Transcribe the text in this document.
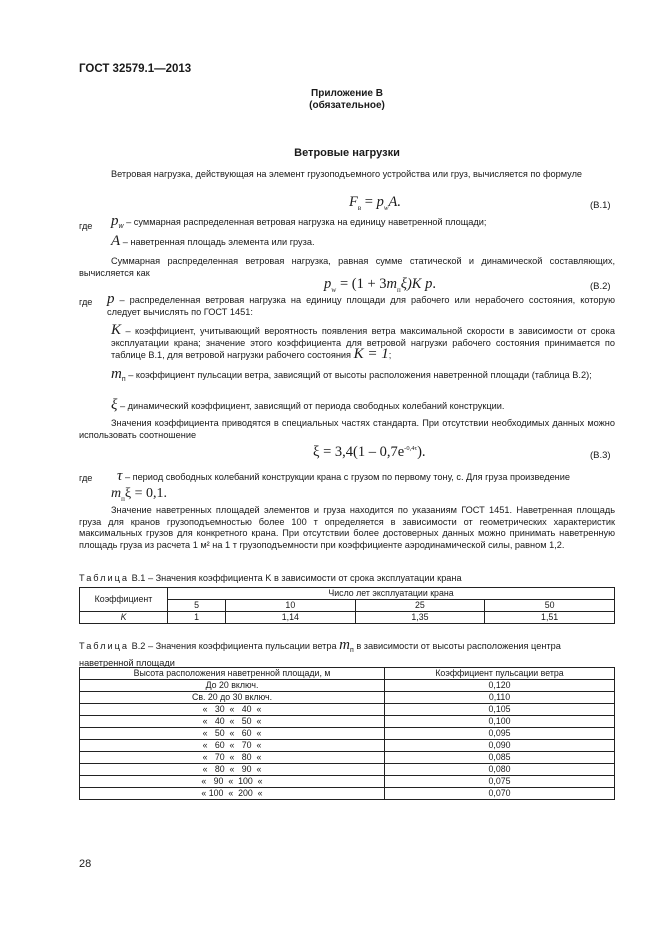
ГОСТ 32579.1—2013
Приложение В
(обязательное)
Ветровые нагрузки
Ветровая нагрузка, действующая на элемент грузоподъемного устройства или груз, вычисляется по формуле
$F_в = p_wA$.	(В.1)
где $p_w$ – суммарная распределенная ветровая нагрузка на единицу наветренной площади;
A – наветренная площадь элемента или груза.
Суммарная распределенная ветровая нагрузка, равная сумме статической и динамической составляющих, вычисляется как
$p_w = (1 + 3m_п\xi)K$ p.	(В.2)
где p – распределенная ветровая нагрузка на единицу площади для рабочего или нерабочего состояния, которую следует вычислять по ГОСТ 1451:
K – коэффициент, учитывающий вероятность появления ветра максимальной скорости в зависимости от срока эксплуатации крана; значение этого коэффициента для ветровой нагрузки рабочего состояния принимается по таблице В.1, для ветровой нагрузки рабочего состояния K = 1;
$m_п$ – коэффициент пульсации ветра, зависящий от высоты расположения наветренной площади (таблица В.2);
ξ – динамический коэффициент, зависящий от периода свободных колебаний конструкции.
Значения коэффициента приводятся в специальных частях стандарта. При отсутствии необходимых данных можно использовать соотношение
$\xi = 3,4(1 - 0,7e^{-0,4\tau})$.	(В.3)
где τ – период свободных колебаний конструкции крана с грузом по первому тону, с. Для груза произведение
$m_п\xi = 0,1$.
Значение наветренных площадей элементов и груза находится по указаниям ГОСТ 1451. Наветренная площадь груза для кранов грузоподъемностью более 100 т определяется в зависимости от геометрических характеристик максимальных грузов для конкретного крана. При отсутствии более достоверных данных можно принимать наветренную площадь груза из расчета 1 м² на 1 т грузоподъемности при коэффициенте аэродинамической силы, равном 1,2.
Таблица В.1 – Значения коэффициента K в зависимости от срока эксплуатации крана
Коэффициент	Число лет эксплуатации крана			
	5	10	25	50
K	1	1,14	1,35	1,51
Таблица В.2 – Значения коэффициента пульсации ветра $m_п$ в зависимости от высоты расположения центра наветренной площади
Высота расположения наветренной площади, м	Коэффициент пульсации ветра
До 20 включ.	0,120
Св. 20 до 30 включ.	0,110
«   30  «   40  «	0,105
«   40  «   50  «	0,100
«   50  «   60  «	0,095
«   60  «   70  «	0,090
«   70  «   80  «	0,085
«   80  «   90  «	0,080
«   90  «  100  «	0,075
« 100  «  200  «	0,070
28
